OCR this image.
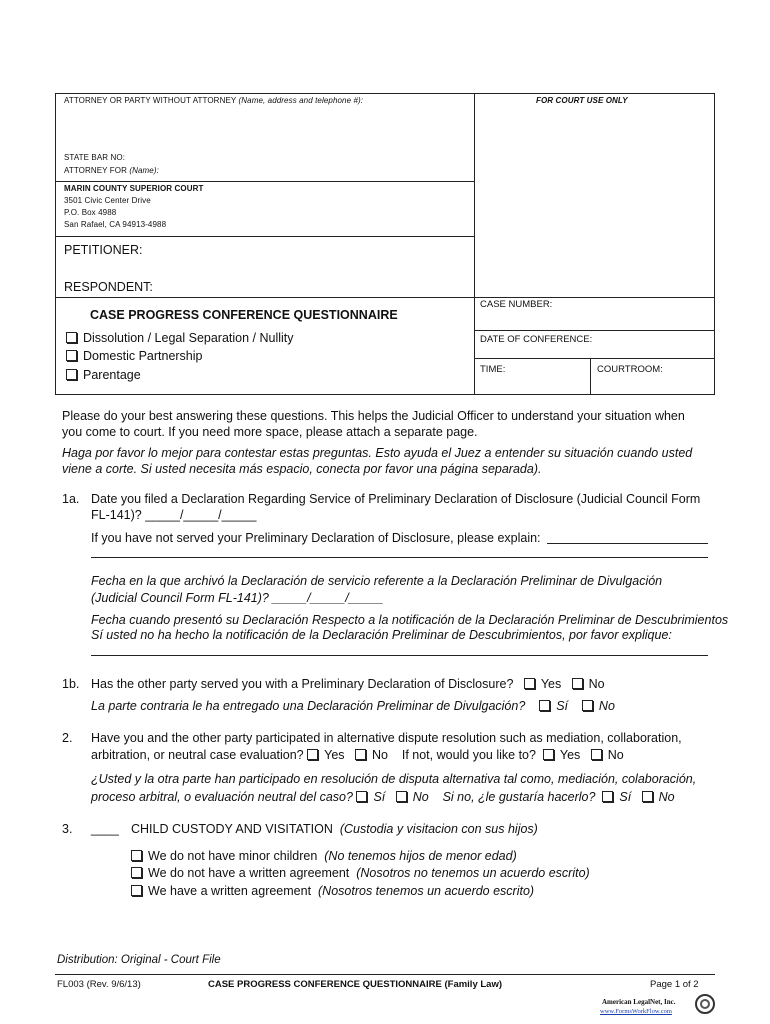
ATTORNEY OR PARTY WITHOUT ATTORNEY (Name, address and telephone #):	FOR COURT USE ONLY
STATE BAR NO:
ATTORNEY FOR (Name):
MARIN COUNTY SUPERIOR COURT
3501 Civic Center Drive
P.O. Box 4988
San Rafael, CA 94913-4988
PETITIONER:
RESPONDENT:
CASE PROGRESS CONFERENCE QUESTIONNAIRE
Dissolution / Legal Separation / Nullity
Domestic Partnership
Parentage
CASE NUMBER:
DATE OF CONFERENCE:
TIME:	COURTROOM:
Please do your best answering these questions. This helps the Judicial Officer to understand your situation when
you come to court. If you need more space, please attach a separate page.
Haga por favor lo mejor para contestar estas preguntas. Esto ayuda el Juez a entender su situación cuando usted
viene a corte. Si usted necesita más espacio, conecta por favor una página separada).
1a. Date you filed a Declaration Regarding Service of Preliminary Declaration of Disclosure (Judicial Council Form
FL-141)? _____/_____/_____
If you have not served your Preliminary Declaration of Disclosure, please explain:
Fecha en la que archivó la Declaración de servicio referente a la Declaración Preliminar de Divulgación
(Judicial Council Form FL-141)? _____/_____/_____
Fecha cuando presentó su Declaración Respecto a la notificación de la Declaración Preliminar de Descubrimientos
Sí usted no ha hecho la notificación de la Declaración Preliminar de Descubrimientos, por favor explique:
1b. Has the other party served you with a Preliminary Declaration of Disclosure? Yes No
La parte contraria le ha entregado una Declaración Preliminar de Divulgación? Sí No
2. Have you and the other party participated in alternative dispute resolution such as mediation, collaboration,
arbitration, or neutral case evaluation? Yes No If not, would you like to? Yes No
¿Usted y la otra parte han participado en resolución de disputa alternativa tal como, mediación, colaboración,
proceso arbitral, o evaluación neutral del caso? Sí No Si no, ¿le gustaría hacerlo? Sí No
3. ____ CHILD CUSTODY AND VISITATION (Custodia y visitacion con sus hijos)
We do not have minor children (No tenemos hijos de menor edad)
We do not have a written agreement (Nosotros no tenemos un acuerdo escrito)
We have a written agreement (Nosotros tenemos un acuerdo escrito)
Distribution: Original - Court File
FL003 (Rev. 9/6/13)	CASE PROGRESS CONFERENCE QUESTIONNAIRE (Family Law)	Page 1 of 2
American LegalNet, Inc.
www.FormsWorkFlow.com
